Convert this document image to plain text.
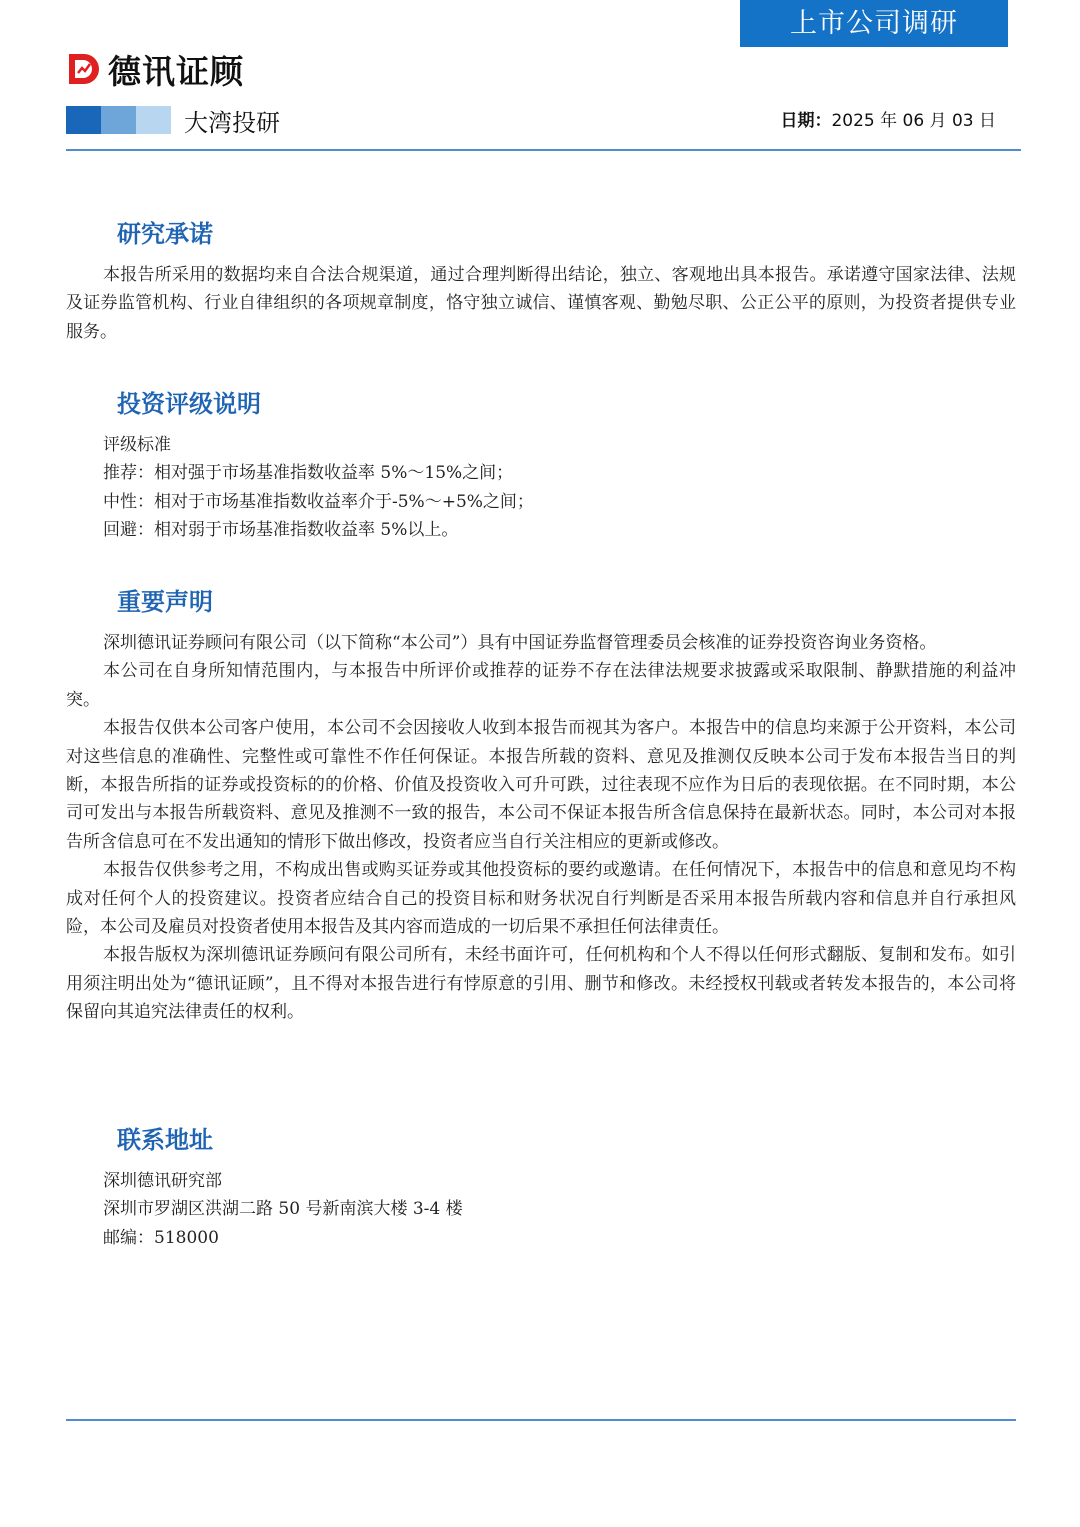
上市公司调研
德讯证顾
大湾投研	日期：2025 年 06 月 03 日
研究承诺

本报告所采用的数据均来自合法合规渠道，通过合理判断得出结论，独立、客观地出具本报告。承诺遵守国家法律、法规及证券监管机构、行业自律组织的各项规章制度，恪守独立诚信、谨慎客观、勤勉尽职、公正公平的原则，为投资者提供专业服务。

投资评级说明
评级标准
推荐：相对强于市场基准指数收益率 5%～15%之间；
中性：相对于市场基准指数收益率介于-5%～+5%之间；
回避：相对弱于市场基准指数收益率 5%以上。
重要声明

深圳德讯证券顾问有限公司（以下简称“本公司”）具有中国证券监督管理委员会核准的证券投资咨询业务资格。

本公司在自身所知情范围内，与本报告中所评价或推荐的证券不存在法律法规要求披露或采取限制、静默措施的利益冲突。

本报告仅供本公司客户使用，本公司不会因接收人收到本报告而视其为客户。本报告中的信息均来源于公开资料，本公司对这些信息的准确性、完整性或可靠性不作任何保证。本报告所载的资料、意见及推测仅反映本公司于发布本报告当日的判断，本报告所指的证券或投资标的的价格、价值及投资收入可升可跌，过往表现不应作为日后的表现依据。在不同时期，本公司可发出与本报告所载资料、意见及推测不一致的报告，本公司不保证本报告所含信息保持在最新状态。同时，本公司对本报告所含信息可在不发出通知的情形下做出修改，投资者应当自行关注相应的更新或修改。

本报告仅供参考之用，不构成出售或购买证券或其他投资标的要约或邀请。在任何情况下，本报告中的信息和意见均不构成对任何个人的投资建议。投资者应结合自己的投资目标和财务状况自行判断是否采用本报告所载内容和信息并自行承担风险，本公司及雇员对投资者使用本报告及其内容而造成的一切后果不承担任何法律责任。

本报告版权为深圳德讯证券顾问有限公司所有，未经书面许可，任何机构和个人不得以任何形式翻版、复制和发布。如引用须注明出处为“德讯证顾”，且不得对本报告进行有悖原意的引用、删节和修改。未经授权刊载或者转发本报告的，本公司将保留向其追究法律责任的权利。

联系地址
深圳德讯研究部
深圳市罗湖区洪湖二路 50 号新南滨大楼 3-4 楼
邮编：518000
